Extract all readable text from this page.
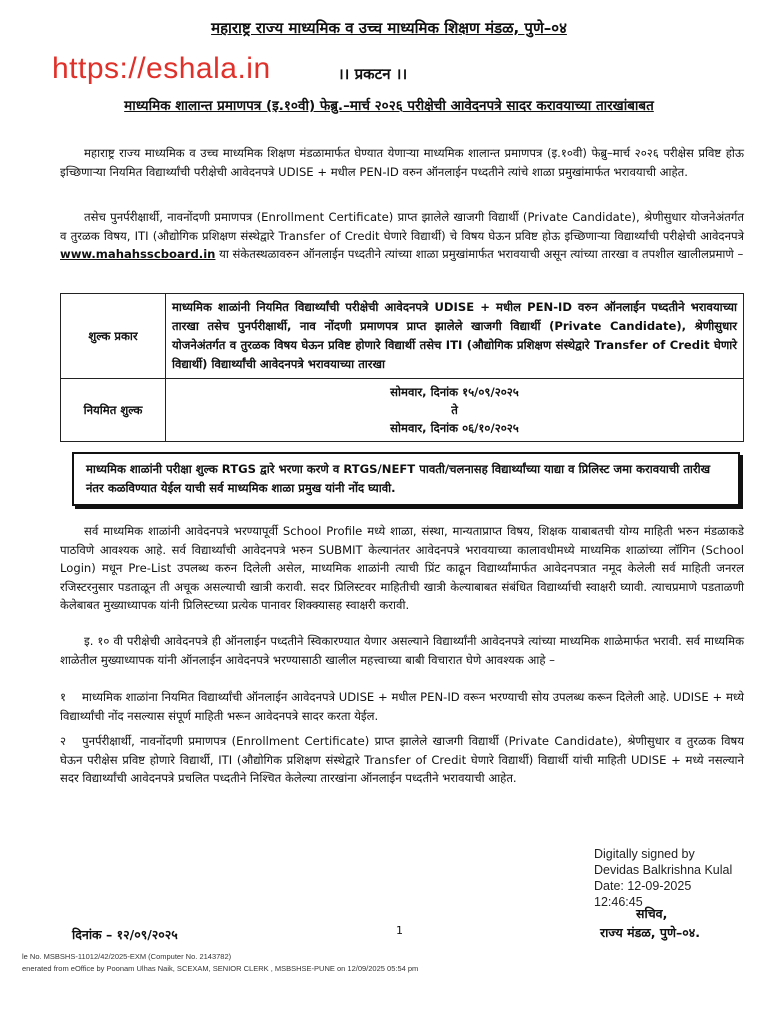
महाराष्ट्र राज्य माध्यमिक व उच्च माध्यमिक शिक्षण मंडळ, पुणे–०४
https://eshala.in	।। प्रकटन ।।
माध्यमिक शालान्त प्रमाणपत्र (इ.१०वी) फेब्रु.–मार्च २०२६ परीक्षेची आवेदनपत्रे सादर करावयाच्या तारखांबाबत
महाराष्ट्र राज्य माध्यमिक व उच्च माध्यमिक शिक्षण मंडळामार्फत घेण्यात येणाऱ्या माध्यमिक शालान्त प्रमाणपत्र (इ.१०वी) फेब्रु–मार्च २०२६ परीक्षेस प्रविष्ट होऊ इच्छिणाऱ्या नियमित विद्यार्थ्यांची परीक्षेची आवेदनपत्रे UDISE + मधील PEN-ID वरुन ऑनलाईन पध्दतीने त्यांचे शाळा प्रमुखांमार्फत भरावयाची आहेत.
तसेच पुनर्परीक्षार्थी, नावनोंदणी प्रमाणपत्र (Enrollment Certificate) प्राप्त झालेले खाजगी विद्यार्थी (Private Candidate), श्रेणीसुधार योजनेअंतर्गत व तुरळक विषय, ITI (औद्योगिक प्रशिक्षण संस्थेद्वारे Transfer of Credit घेणारे विद्यार्थी) चे विषय घेऊन प्रविष्ट होऊ इच्छिणाऱ्या विद्यार्थ्यांची परीक्षेची आवेदनपत्रे www.mahahsscboard.in या संकेतस्थळावरुन ऑनलाईन पध्दतीने त्यांच्या शाळा प्रमुखांमार्फत भरावयाची असून त्यांच्या तारखा व तपशील खालीलप्रमाणे –
शुल्क प्रकार	माध्यमिक शाळांनी नियमित विद्यार्थ्यांची परीक्षेची आवेदनपत्रे UDISE + मधील PEN-ID वरुन ऑनलाईन पध्दतीने भरावयाच्या तारखा तसेच पुनर्परीक्षार्थी, नाव नोंदणी प्रमाणपत्र प्राप्त झालेले खाजगी विद्यार्थी (Private Candidate), श्रेणीसुधार योजनेअंतर्गत व तुरळक विषय घेऊन प्रविष्ट होणारे विद्यार्थी तसेच ITI (औद्योगिक प्रशिक्षण संस्थेद्वारे Transfer of Credit घेणारे विद्यार्थी) विद्यार्थ्यांची आवेदनपत्रे भरावयाच्या तारखा
नियमित शुल्क	सोमवार, दिनांक १५/०९/२०२५
ते
सोमवार, दिनांक ०६/१०/२०२५
माध्यमिक शाळांनी परीक्षा शुल्क RTGS द्वारे भरणा करणे व RTGS/NEFT पावती/चलनासह विद्यार्थ्यांच्या याद्या व प्रिलिस्ट जमा करावयाची तारीख नंतर कळविण्यात येईल याची सर्व माध्यमिक शाळा प्रमुख यांनी नोंद घ्यावी.
सर्व माध्यमिक शाळांनी आवेदनपत्रे भरण्यापूर्वी School Profile मध्ये शाळा, संस्था, मान्यताप्राप्त विषय, शिक्षक याबाबतची योग्य माहिती भरुन मंडळाकडे पाठविणे आवश्यक आहे. सर्व विद्यार्थ्यांची आवेदनपत्रे भरुन SUBMIT केल्यानंतर आवेदनपत्रे भरावयाच्या कालावधीमध्ये माध्यमिक शाळांच्या लॉगिन (School Login) मधून Pre-List उपलब्ध करुन दिलेली असेल, माध्यमिक शाळांनी त्याची प्रिंट काढून विद्यार्थ्यांमार्फत आवेदनपत्रात नमूद केलेली सर्व माहिती जनरल रजिस्टरनुसार पडताळून ती अचूक असल्याची खात्री करावी. सदर प्रिलिस्टवर माहितीची खात्री केल्याबाबत संबंधित विद्यार्थ्याची स्वाक्षरी घ्यावी. त्याचप्रमाणे पडताळणी केलेबाबत मुख्याध्यापक यांनी प्रिलिस्टच्या प्रत्येक पानावर शिक्क्यासह स्वाक्षरी करावी.
इ. १० वी परीक्षेची आवेदनपत्रे ही ऑनलाईन पध्दतीने स्विकारण्यात येणार असल्याने विद्यार्थ्यांनी आवेदनपत्रे त्यांच्या माध्यमिक शाळेमार्फत भरावी. सर्व माध्यमिक शाळेतील मुख्याध्यापक यांनी ऑनलाईन आवेदनपत्रे भरण्यासाठी खालील महत्त्वाच्या बाबी विचारात घेणे आवश्यक आहे –
१ माध्यमिक शाळांना नियमित विद्यार्थ्यांची ऑनलाईन आवेदनपत्रे UDISE + मधील PEN-ID वरून भरण्याची सोय उपलब्ध करून दिलेली आहे. UDISE + मध्ये विद्यार्थ्यांची नोंद नसल्यास संपूर्ण माहिती भरून आवेदनपत्रे सादर करता येईल.
२ पुनर्परीक्षार्थी, नावनोंदणी प्रमाणपत्र (Enrollment Certificate) प्राप्त झालेले खाजगी विद्यार्थी (Private Candidate), श्रेणीसुधार व तुरळक विषय घेऊन परीक्षेस प्रविष्ट होणारे विद्यार्थी, ITI (औद्योगिक प्रशिक्षण संस्थेद्वारे Transfer of Credit घेणारे विद्यार्थी) विद्यार्थी यांची माहिती UDISE + मध्ये नसल्याने सदर विद्यार्थ्यांची आवेदनपत्रे प्रचलित पध्दतीने निश्चित केलेल्या तारखांना ऑनलाईन पध्दतीने भरावयाची आहेत.
Digitally signed by
Devidas Balkrishna Kulal
Date: 12-09-2025
12:46:45
सचिव,
राज्य मंडळ, पुणे–०४.
दिनांक – १२/०९/२०२५	1
le No. MSBSHS-11012/42/2025-EXM (Computer No. 2143782)
enerated from eOffice by Poonam Ulhas Naik, SCEXAM, SENIOR CLERK , MSBSHSE-PUNE on 12/09/2025 05:54 pm
